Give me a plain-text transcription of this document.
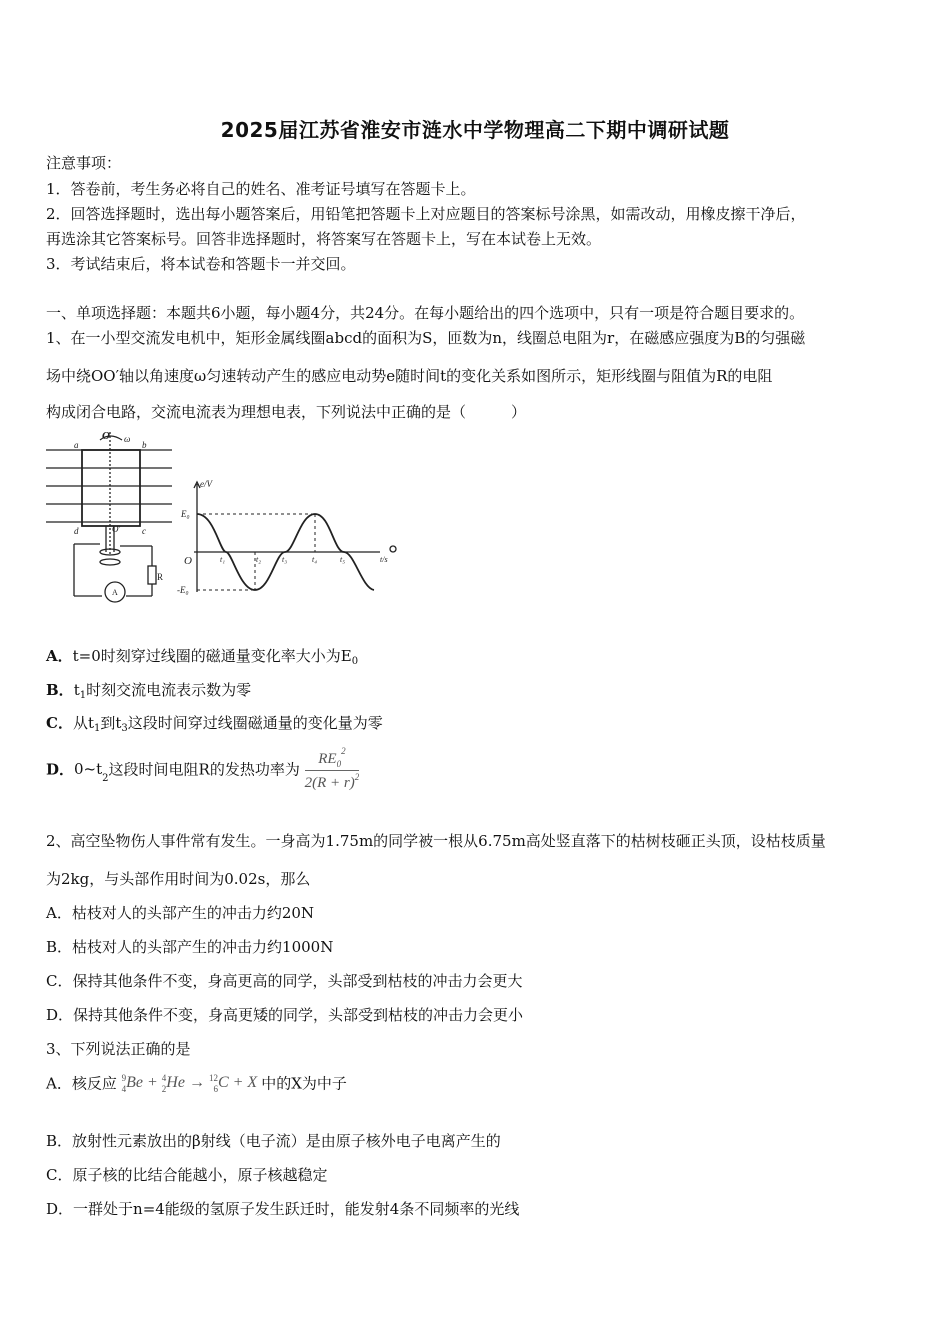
2025届江苏省淮安市涟水中学物理高二下期中调研试题
注意事项：
1．答卷前，考生务必将自己的姓名、准考证号填写在答题卡上。
2．回答选择题时，选出每小题答案后，用铅笔把答题卡上对应题目的答案标号涂黑，如需改动，用橡皮擦干净后，
再选涂其它答案标号。回答非选择题时，将答案写在答题卡上，写在本试卷上无效。
3．考试结束后，将本试卷和答题卡一并交回。
一、单项选择题：本题共6小题，每小题4分，共24分。在每小题给出的四个选项中，只有一项是符合题目要求的。
1、在一小型交流发电机中，矩形金属线圈abcd的面积为S，匝数为n，线圈总电阻为r，在磁感应强度为B的匀强磁
场中绕OO′轴以角速度ω匀速转动产生的感应电动势e随时间t的变化关系如图所示，矩形线圈与阻值为R的电阻
构成闭合电路，交流电流表为理想电表，下列说法中正确的是（　　　）
a	b
c
d
O ω
O′
A
R
e/V
E₀
-E₀
O	t₁	t₂	t₃	t₄	t₅	t/s
A．t=0时刻穿过线圈的磁通量变化率大小为$E_0$
B．$t_1$时刻交流电流表示数为零
C．从$t_1$到$t_3$这段时间穿过线圈磁通量的变化量为零
D．$0\sim t_2$这段时间电阻R的发热功率为 $\frac{RE_0^2}{2(R + r)^2}$
2、高空坠物伤人事件常有发生。一身高为1.75m的同学被一根从6.75m高处竖直落下的枯树枝砸正头顶，设枯枝质量
为2kg，与头部作用时间为0.02s，那么
A．枯枝对人的头部产生的冲击力约20N
B．枯枝对人的头部产生的冲击力约1000N
C．保持其他条件不变，身高更高的同学，头部受到枯枝的冲击力会更大
D．保持其他条件不变，身高更矮的同学，头部受到枯枝的冲击力会更小
3、下列说法正确的是
A．核反应 9
4Be + 4
2He → 12
6C + X 中的X为中子
B．放射性元素放出的β射线（电子流）是由原子核外电子电离产生的
C．原子核的比结合能越小，原子核越稳定
D．一群处于n=4能级的氢原子发生跃迁时，能发射4条不同频率的光线
